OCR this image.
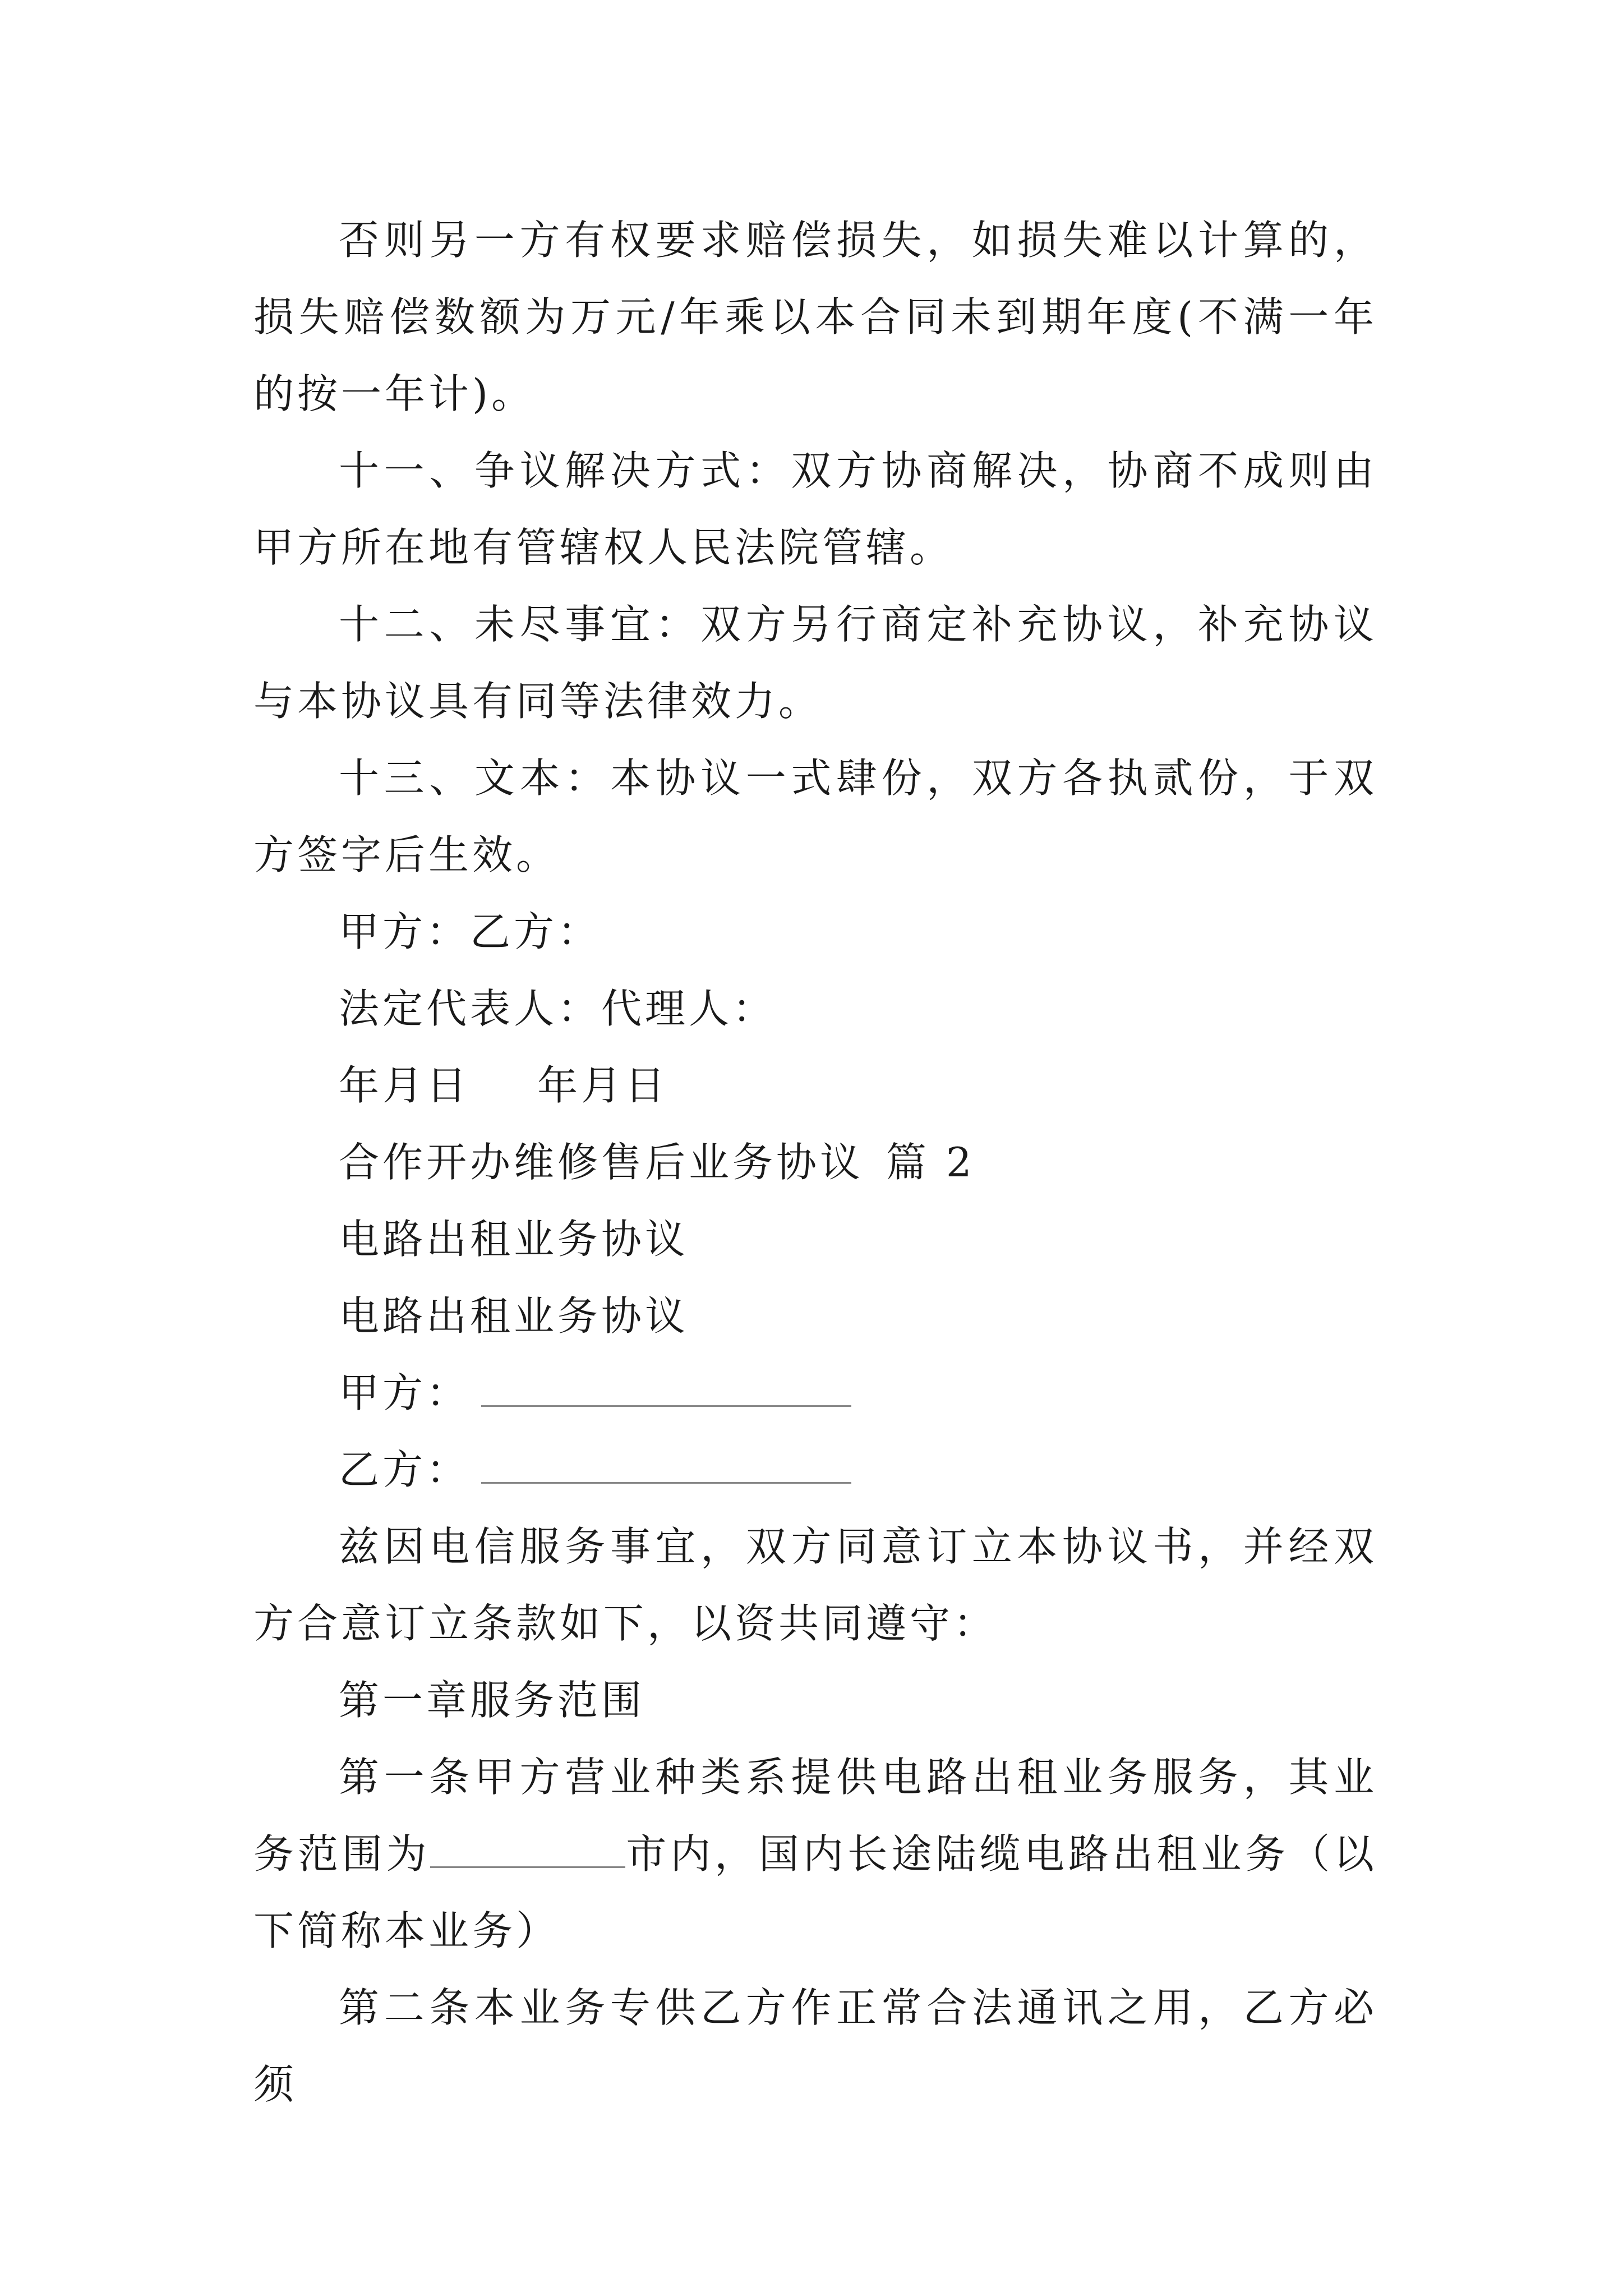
否则另一方有权要求赔偿损失，如损失难以计算的，损失赔偿数额为万元/年乘以本合同未到期年度(不满一年的按一年计)。

十一、争议解决方式：双方协商解决，协商不成则由甲方所在地有管辖权人民法院管辖。

十二、未尽事宜：双方另行商定补充协议，补充协议与本协议具有同等法律效力。

十三、文本：本协议一式肆份，双方各执贰份，于双方签字后生效。

甲方：乙方：

法定代表人：代理人：

年月日 年月日

合作开办维修售后业务协议 篇 2

电路出租业务协议

电路出租业务协议

甲方：

乙方：

兹因电信服务事宜，双方同意订立本协议书，并经双方合意订立条款如下，以资共同遵守：

第一章服务范围

第一条甲方营业种类系提供电路出租业务服务，其业务范围为	市内，国内长途陆缆电路出租业务（以下简称本业务）

第二条本业务专供乙方作正常合法通讯之用，乙方必须
